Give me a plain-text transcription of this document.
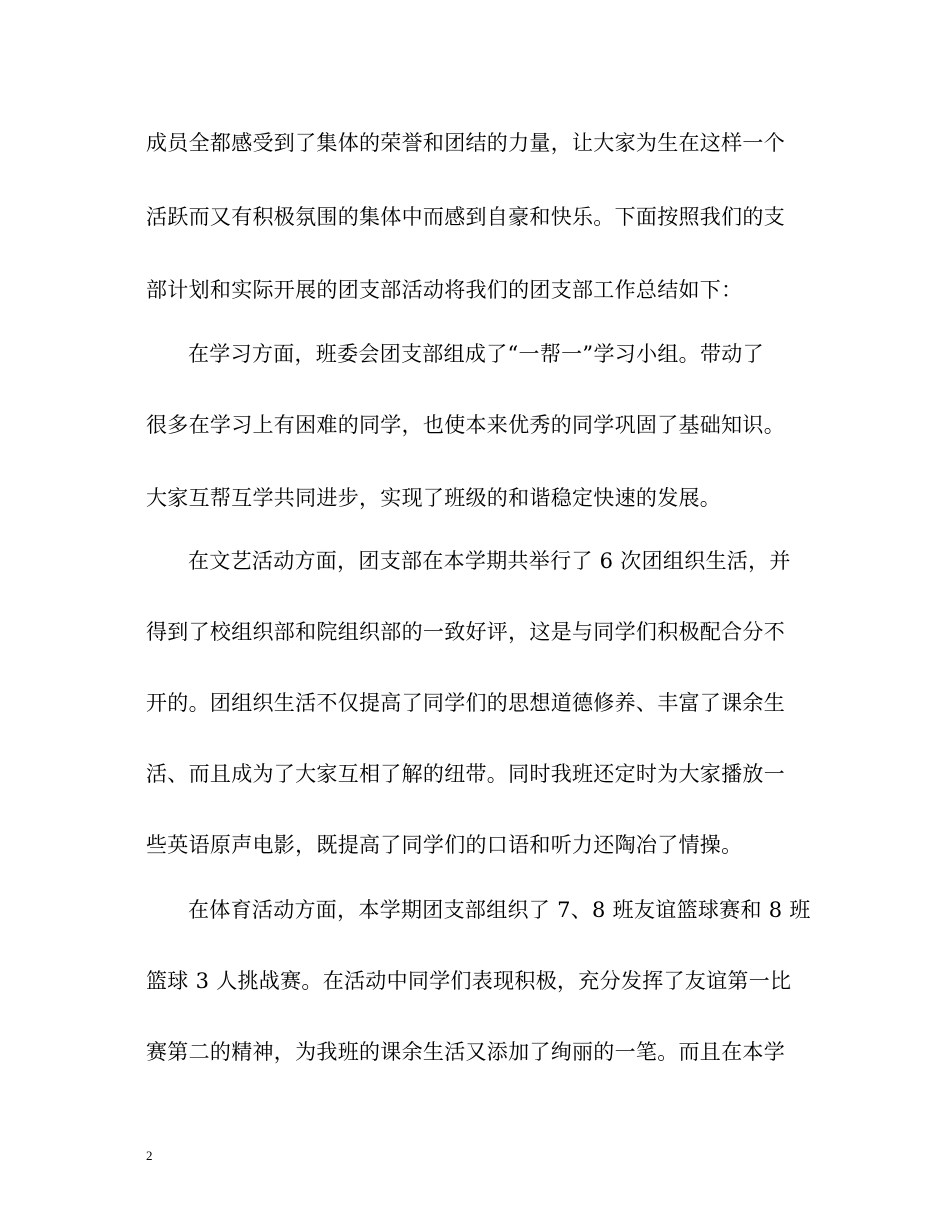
成员全都感受到了集体的荣誉和团结的力量，让大家为生在这样一个
活跃而又有积极氛围的集体中而感到自豪和快乐。下面按照我们的支
部计划和实际开展的团支部活动将我们的团支部工作总结如下：
在学习方面，班委会团支部组成了“一帮一”学习小组。带动了
很多在学习上有困难的同学，也使本来优秀的同学巩固了基础知识。
大家互帮互学共同进步，实现了班级的和谐稳定快速的发展。
在文艺活动方面，团支部在本学期共举行了 6 次团组织生活，并
得到了校组织部和院组织部的一致好评，这是与同学们积极配合分不
开的。团组织生活不仅提高了同学们的思想道德修养、丰富了课余生
活、而且成为了大家互相了解的纽带。同时我班还定时为大家播放一
些英语原声电影，既提高了同学们的口语和听力还陶冶了情操。
在体育活动方面，本学期团支部组织了 7、8 班友谊篮球赛和 8 班
篮球 3 人挑战赛。在活动中同学们表现积极，充分发挥了友谊第一比
赛第二的精神，为我班的课余生活又添加了绚丽的一笔。而且在本学
2
